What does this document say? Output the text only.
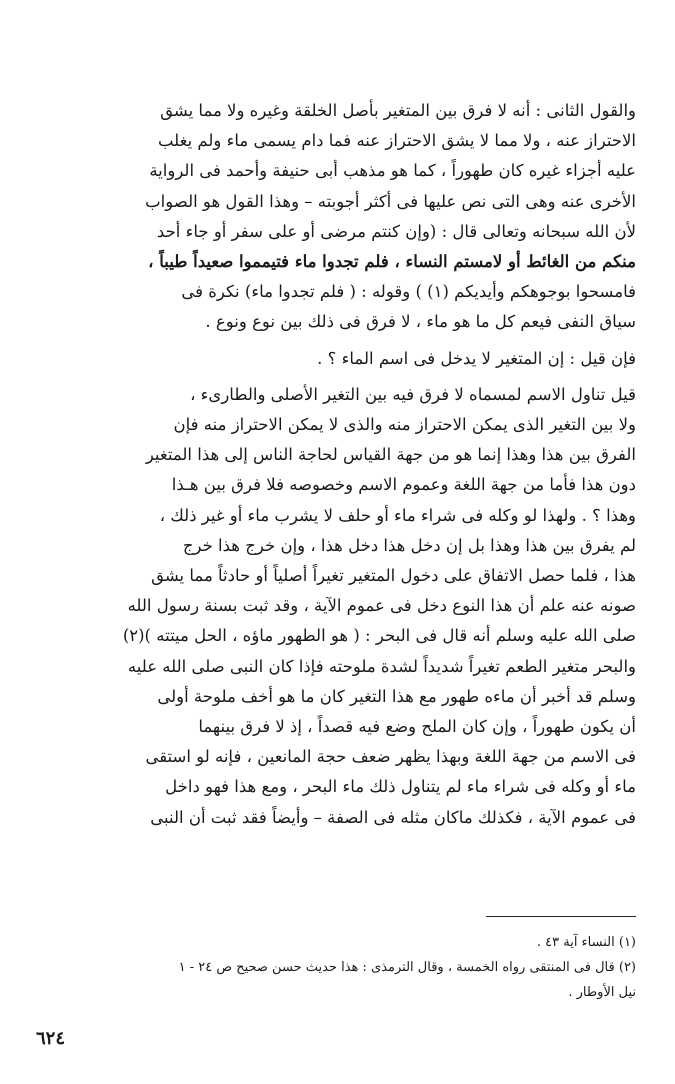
والقول الثانى : أنه لا فرق بين المتغير بأصل الخلقة وغيره ولا مما يشق
الاحتراز عنه ، ولا مما لا يشق الاحتراز عنه فما دام يسمى ماء ولم يغلب
عليه أجزاء غيره كان طهوراً ، كما هو مذهب أبى حنيفة وأحمد فى الرواية
الأخرى عنه وهى التى نص عليها فى أكثر أجوبته – وهذا القول هو الصواب
لأن الله سبحانه وتعالى قال : (وإن كنتم مرضى أو على سفر أو جاء أحد
منكم من الغائط أو لامستم النساء ، فلم تجدوا ماء فتيمموا صعيداً طيباً ،
فامسحوا بوجوهكم وأيديكم (١) ) وقوله : ( فلم تجدوا ماء) نكرة فى
سياق النفى فيعم كل ما هو ماء ، لا فرق فى ذلك بين نوع ونوع .
فإن قيل : إن المتغير لا يدخل فى اسم الماء ؟ .
قيل تناول الاسم لمسماه لا فرق فيه بين التغير الأصلى والطارىء ،
ولا بين التغير الذى يمكن الاحتراز منه والذى لا يمكن الاحتراز منه فإن
الفرق بين هذا وهذا إنما هو من جهة القياس لحاجة الناس إلى هذا المتغير
دون هذا فأما من جهة اللغة وعموم الاسم وخصوصه فلا فرق بين هـذا
وهذا ؟ . ولهذا لو وكله فى شراء ماء أو حلف لا يشرب ماء أو غير ذلك ،
لم يفرق بين هذا وهذا بل إن دخل هذا دخل هذا ، وإن خرج هذا خرج
هذا ، فلما حصل الاتفاق على دخول المتغير تغيراً أصلياً أو حادثاً مما يشق
صونه عنه علم أن هذا النوع دخل فى عموم الآية ، وقد ثبت بسنة رسول الله
صلى الله عليه وسلم أنه قال فى البحر : ( هو الطهور ماؤه ، الحل ميتته )(٢)
والبحر متغير الطعم تغيراً شديداً لشدة ملوحته فإذا كان النبى صلى الله عليه
وسلم قد أخبر أن ماءه طهور مع هذا التغير كان ما هو أخف ملوحة أولى
أن يكون طهوراً ، وإن كان الملح وضع فيه قصداً ، إذ لا فرق بينهما
فى الاسم من جهة اللغة وبهذا يظهر ضعف حجة المانعين ، فإنه لو استقى
ماء أو وكله فى شراء ماء لم يتناول ذلك ماء البحر ، ومع هذا فهو داخل
فى عموم الآية ، فكذلك ماكان مثله فى الصفة – وأيضاً فقد ثبت أن النبى
(١) النساء آية ٤٣ .
(٢) قال فى المنتقى رواه الخمسة ، وقال الترمذى : هذا حديث حسن صحيح ص ٢٤ - ١
نيل الأوطار .
٦٢٤
